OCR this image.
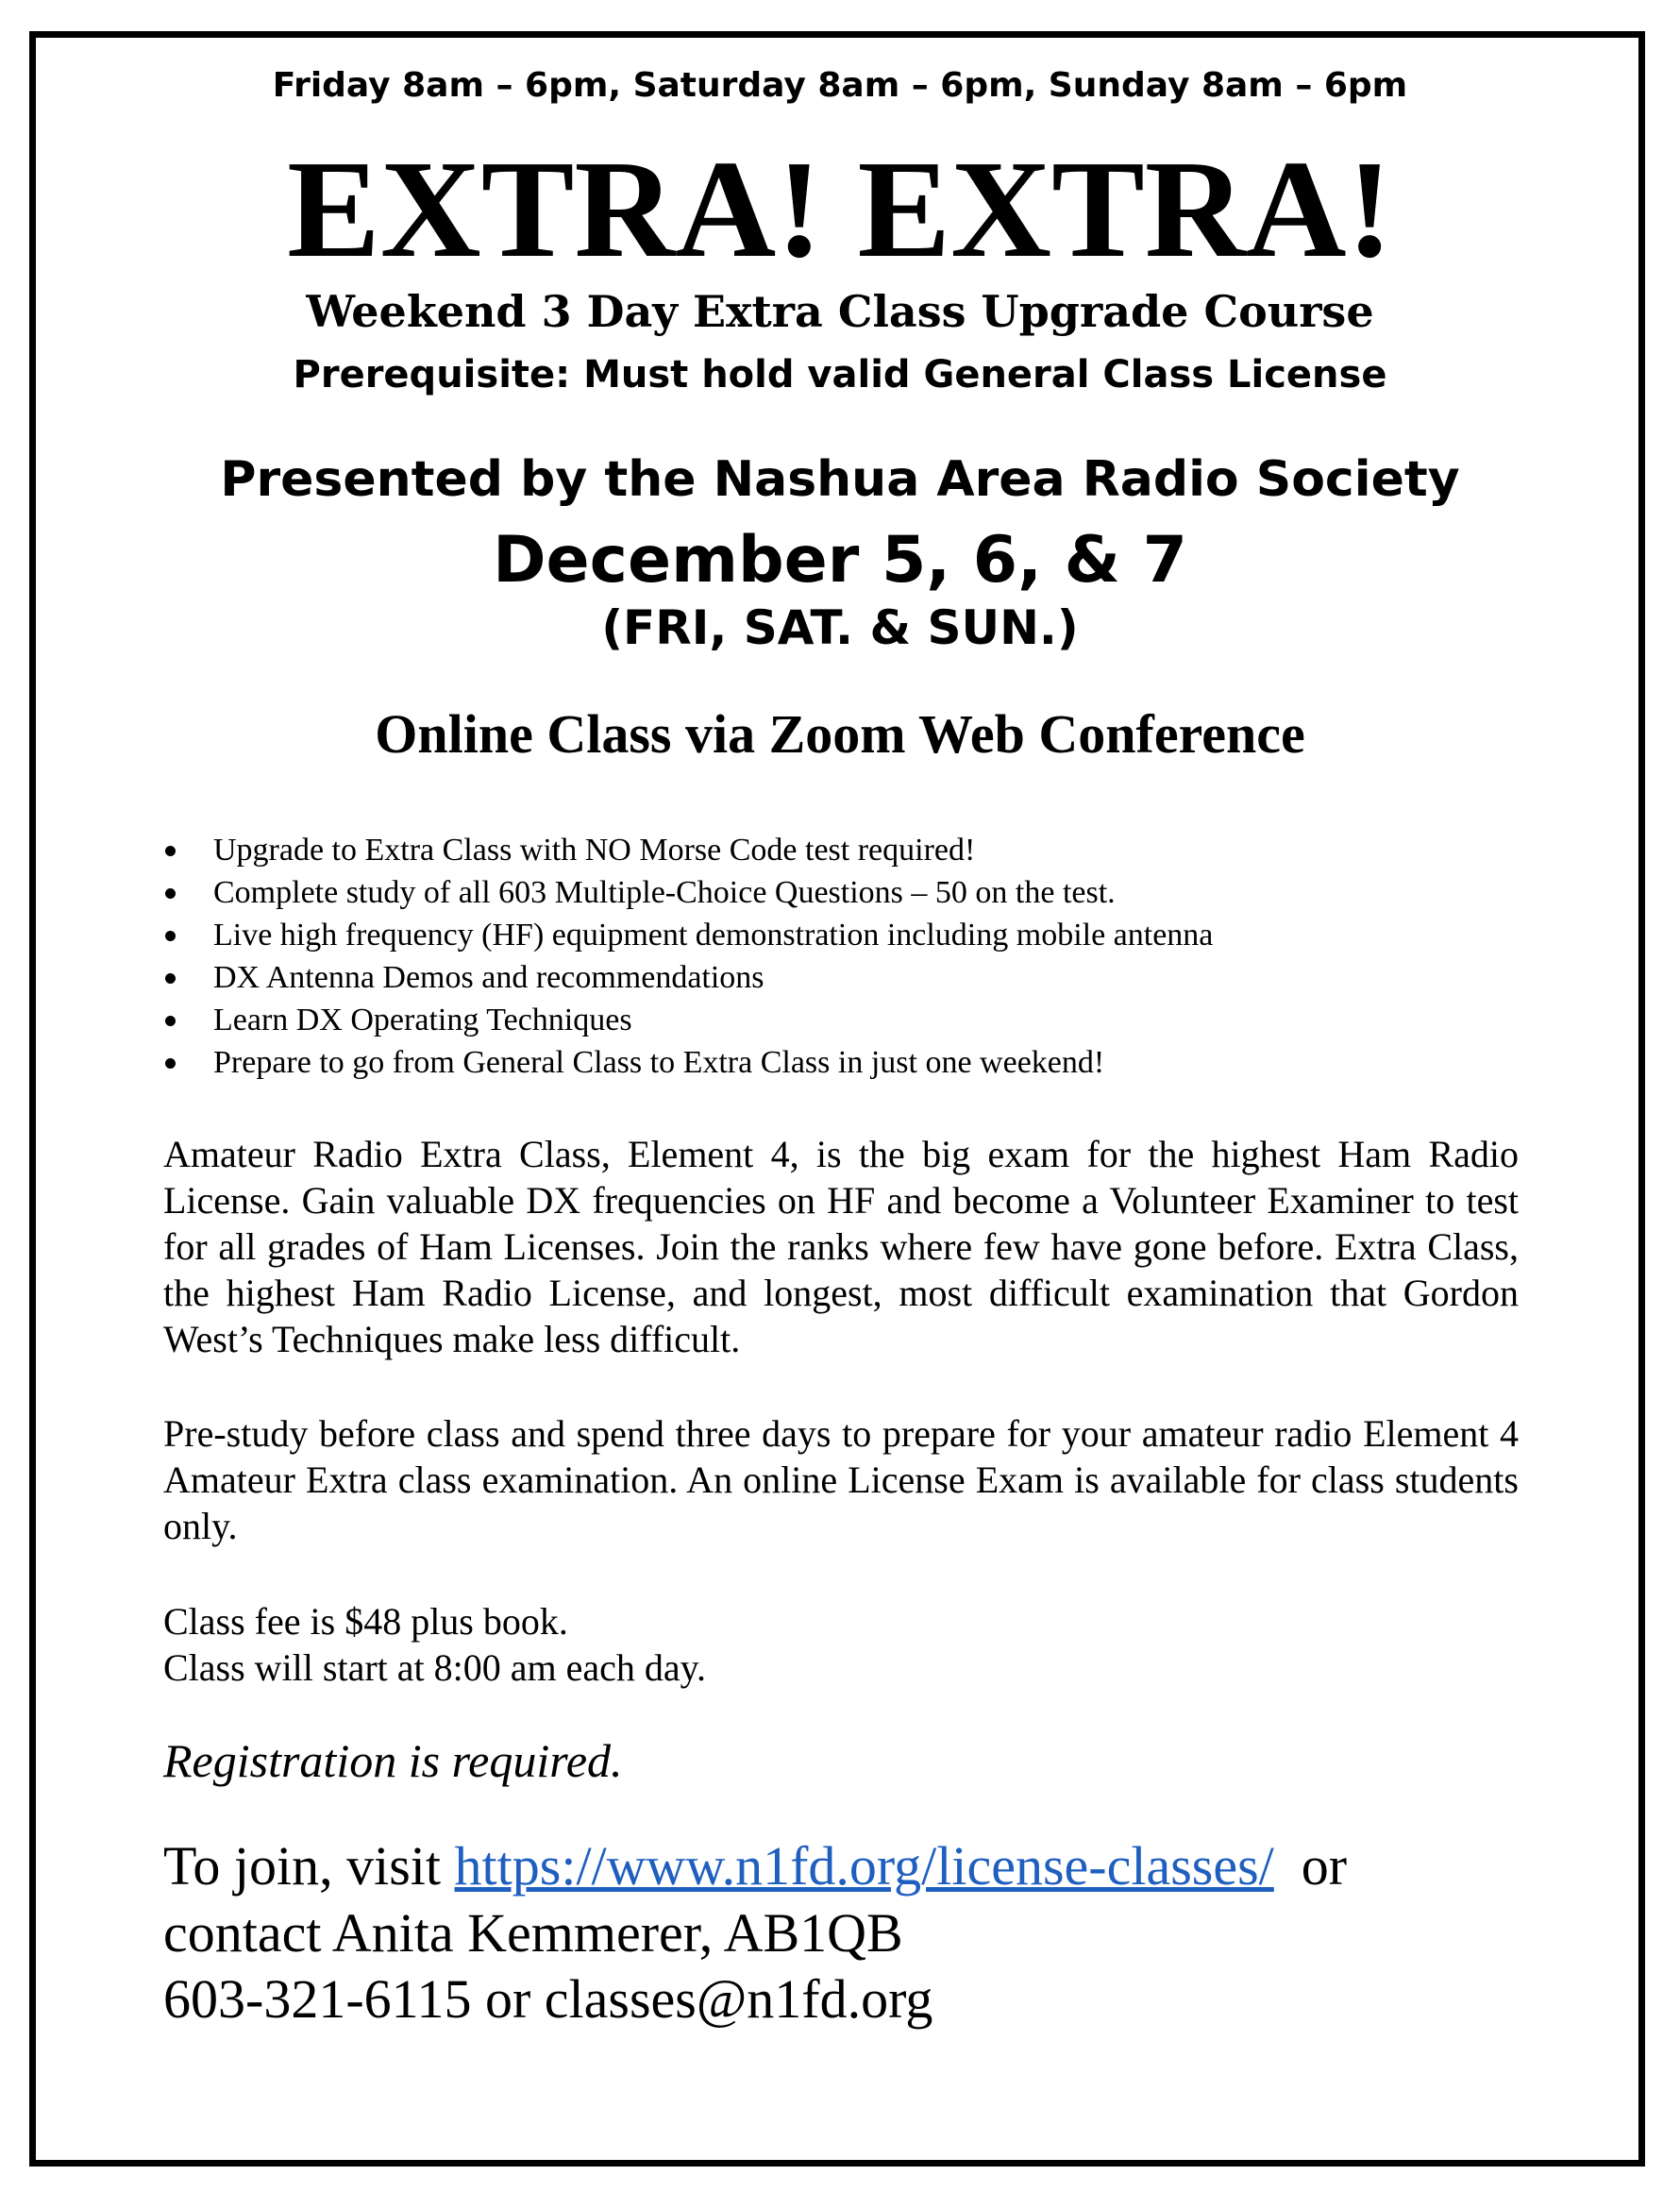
Friday 8am – 6pm, Saturday 8am – 6pm, Sunday 8am – 6pm
EXTRA! EXTRA!
Weekend 3 Day Extra Class Upgrade Course
Prerequisite: Must hold valid General Class License
Presented by the Nashua Area Radio Society
December 5, 6, & 7
(FRI, SAT. & SUN.)
Online Class via Zoom Web Conference
Upgrade to Extra Class with NO Morse Code test required!
Complete study of all 603 Multiple-Choice Questions – 50 on the test.
Live high frequency (HF) equipment demonstration including mobile antenna
DX Antenna Demos and recommendations
Learn DX Operating Techniques
Prepare to go from General Class to Extra Class in just one weekend!

Amateur Radio Extra Class, Element 4, is the big exam for the highest Ham Radio License. Gain valuable DX frequencies on HF and become a Volunteer Examiner to test for all grades of Ham Licenses. Join the ranks where few have gone before. Extra Class, the highest Ham Radio License, and longest, most difficult examination that Gordon West’s Techniques make less difficult.

Pre-study before class and spend three days to prepare for your amateur radio Element 4 Amateur Extra class examination. An online License Exam is available for class students only.

Class fee is $48 plus book.

Class will start at 8:00 am each day.

Registration is required.
To join, visit https://www.n1fd.org/license-classes/ or
contact Anita Kemmerer, AB1QB
603-321-6115 or classes@n1fd.org
